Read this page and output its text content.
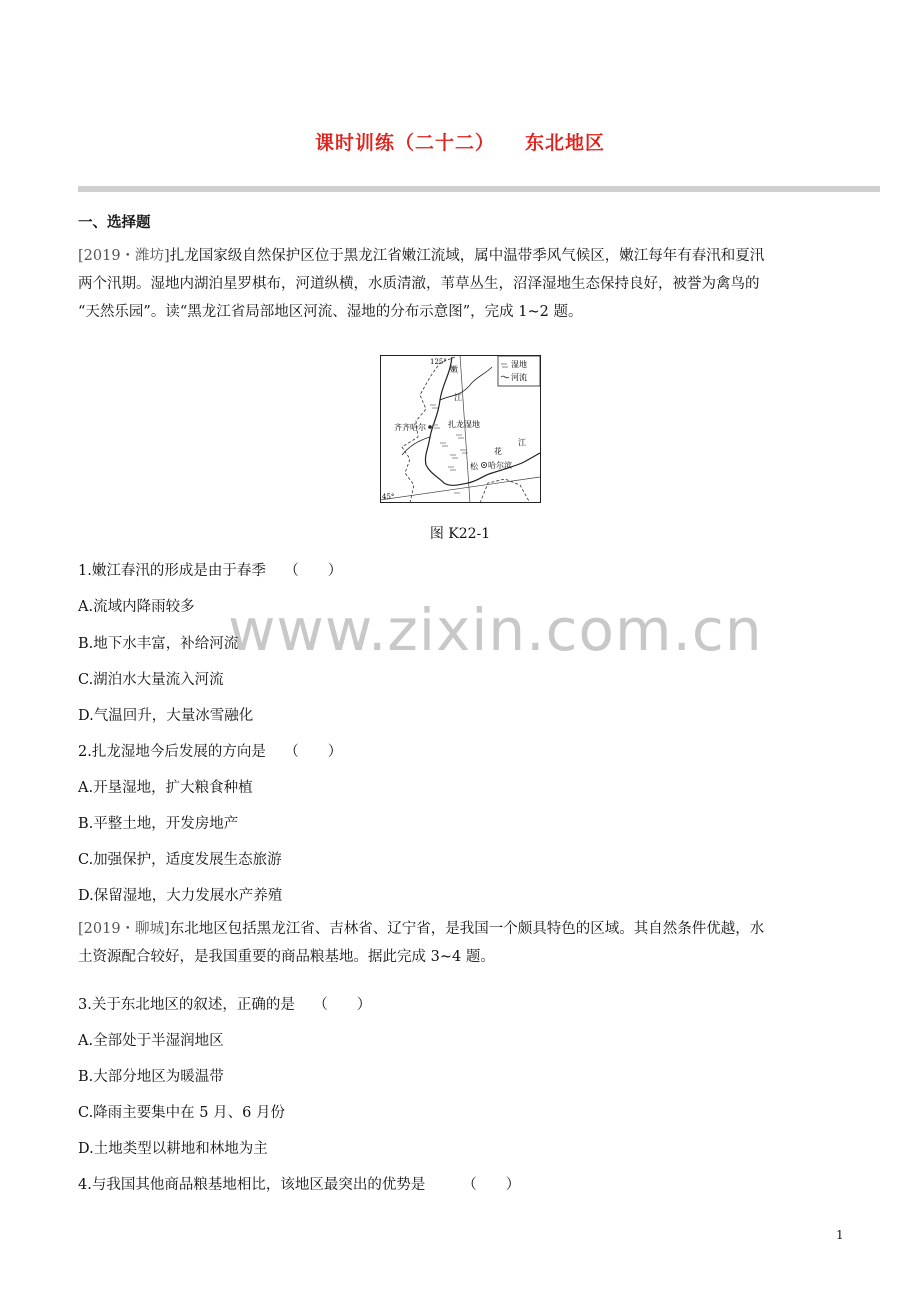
课时训练（二十二） 东北地区
一、选择题
[2019・潍坊]扎龙国家级自然保护区位于黑龙江省嫩江流域，属中温带季风气候区，嫩江每年有春汛和夏汛
两个汛期。湿地内湖泊星罗棋布，河道纵横，水质清澈，苇草丛生，沼泽湿地生态保持良好，被誉为禽鸟的
“天然乐园”。读“黑龙江省局部地区河流、湿地的分布示意图”，完成 1~2 题。
湿地
河流
125°
嫩
江
齐齐哈尔	扎龙湿地
花
江
松 哈尔滨
45°
图 K22-1
www.zixin.com.cn
1.嫩江春汛的形成是由于春季 （　　）
A.流域内降雨较多
B.地下水丰富，补给河流
C.湖泊水大量流入河流
D.气温回升，大量冰雪融化
2.扎龙湿地今后发展的方向是 （　　）
A.开垦湿地，扩大粮食种植
B.平整土地，开发房地产
C.加强保护，适度发展生态旅游
D.保留湿地，大力发展水产养殖
[2019・聊城]东北地区包括黑龙江省、吉林省、辽宁省，是我国一个颇具特色的区域。其自然条件优越，水
土资源配合较好，是我国重要的商品粮基地。据此完成 3~4 题。
3.关于东北地区的叙述，正确的是 （　　）
A.全部处于半湿润地区
B.大部分地区为暖温带
C.降雨主要集中在 5 月、6 月份
D.土地类型以耕地和林地为主
4.与我国其他商品粮基地相比，该地区最突出的优势是	（　　）
1
